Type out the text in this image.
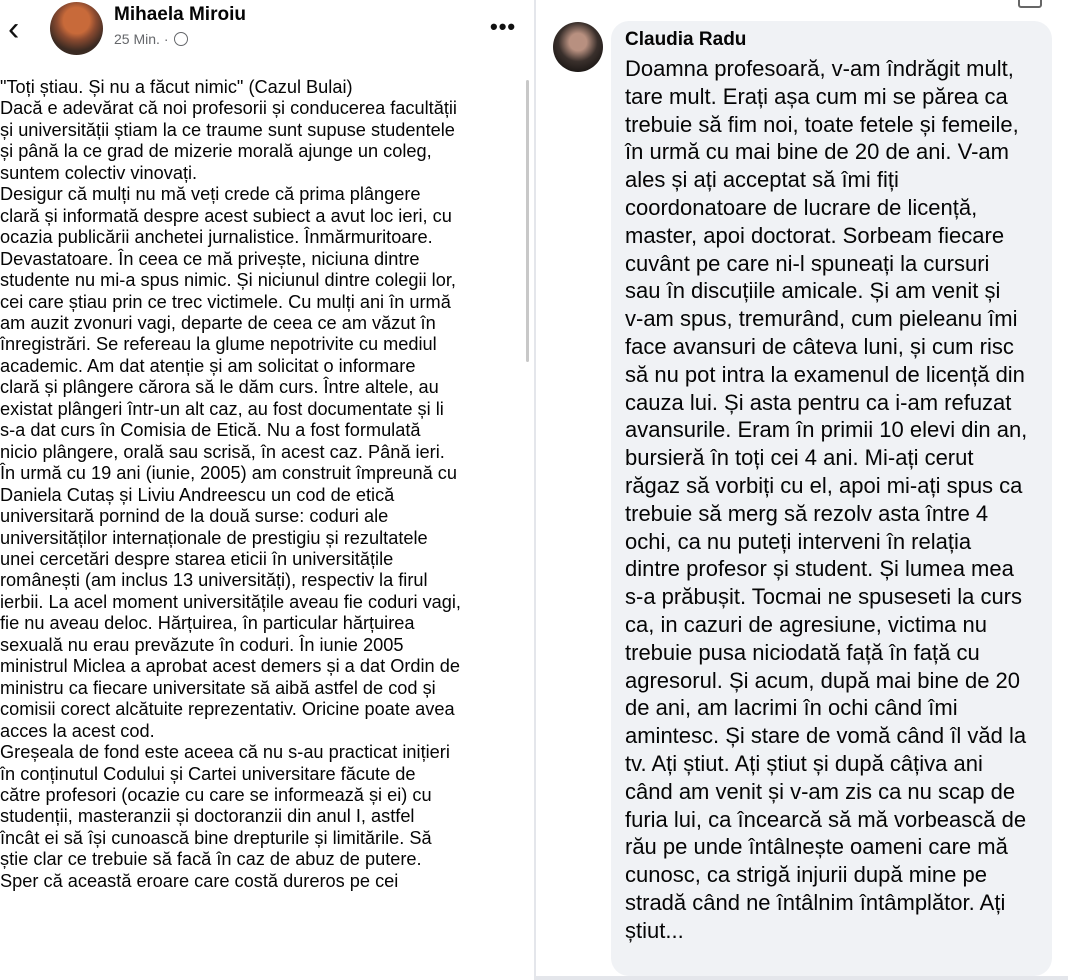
‹	Mihaela Miroiu
25 Min. ·	•••
"Toți știau. Și nu a făcut nimic" (Cazul Bulai)
Dacă e adevărat că noi profesorii și conducerea facultății
și universității știam la ce traume sunt supuse studentele
și până la ce grad de mizerie morală ajunge un coleg,
suntem colectiv vinovați.
Desigur că mulți nu mă veți crede că prima plângere
clară și informată despre acest subiect a avut loc ieri, cu
ocazia publicării anchetei jurnalistice. Înmărmuritoare.
Devastatoare. În ceea ce mă privește, niciuna dintre
studente nu mi-a spus nimic. Și niciunul dintre colegii lor,
cei care știau prin ce trec victimele. Cu mulți ani în urmă
am auzit zvonuri vagi, departe de ceea ce am văzut în
înregistrări. Se refereau la glume nepotrivite cu mediul
academic. Am dat atenție și am solicitat o informare
clară și plângere cărora să le dăm curs. Între altele, au
existat plângeri într-un alt caz, au fost documentate și li
s-a dat curs în Comisia de Etică. Nu a fost formulată
nicio plângere, orală sau scrisă, în acest caz. Până ieri.
În urmă cu 19 ani (iunie, 2005) am construit împreună cu
Daniela Cutaș și Liviu Andreescu un cod de etică
universitară pornind de la două surse: coduri ale
universităților internaționale de prestigiu și rezultatele
unei cercetări despre starea eticii în universitățile
românești (am inclus 13 universități), respectiv la firul
ierbii. La acel moment universitățile aveau fie coduri vagi,
fie nu aveau deloc. Hărțuirea, în particular hărțuirea
sexuală nu erau prevăzute în coduri. În iunie 2005
ministrul Miclea a aprobat acest demers și a dat Ordin de
ministru ca fiecare universitate să aibă astfel de cod și
comisii corect alcătuite reprezentativ. Oricine poate avea
acces la acest cod.
Greșeala de fond este aceea că nu s-au practicat inițieri
în conținutul Codului și Cartei universitare făcute de
către profesori (ocazie cu care se informează și ei) cu
studenții, masteranzii și doctoranzii din anul I, astfel
încât ei să își cunoască bine drepturile și limitările. Să
știe clar ce trebuie să facă în caz de abuz de putere.
Sper că această eroare care costă dureros pe cei
Claudia Radu
Doamna profesoară, v-am îndrăgit mult,
tare mult. Erați așa cum mi se părea ca
trebuie să fim noi, toate fetele și femeile,
în urmă cu mai bine de 20 de ani. V-am
ales și ați acceptat să îmi fiți
coordonatoare de lucrare de licență,
master, apoi doctorat. Sorbeam fiecare
cuvânt pe care ni-l spuneați la cursuri
sau în discuțiile amicale. Și am venit și
v-am spus, tremurând, cum pieleanu îmi
face avansuri de câteva luni, și cum risc
să nu pot intra la examenul de licență din
cauza lui. Și asta pentru ca i-am refuzat
avansurile. Eram în primii 10 elevi din an,
bursieră în toți cei 4 ani. Mi-ați cerut
răgaz să vorbiți cu el, apoi mi-ați spus ca
trebuie să merg să rezolv asta între 4
ochi, ca nu puteți interveni în relația
dintre profesor și student. Și lumea mea
s-a prăbușit. Tocmai ne spuseseti la curs
ca, in cazuri de agresiune, victima nu
trebuie pusa niciodată față în față cu
agresorul. Și acum, după mai bine de 20
de ani, am lacrimi în ochi când îmi
amintesc. Și stare de vomă când îl văd la
tv. Ați știut. Ați știut și după câțiva ani
când am venit și v-am zis ca nu scap de
furia lui, ca încearcă să mă vorbească de
rău pe unde întâlnește oameni care mă
cunosc, ca strigă injurii după mine pe
stradă când ne întâlnim întâmplător. Ați
știut...
